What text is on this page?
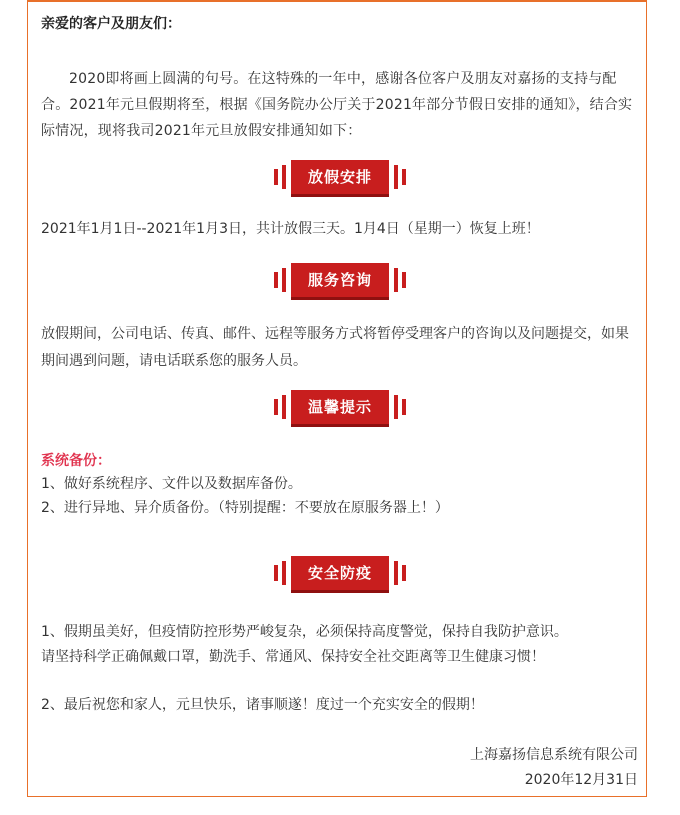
亲爱的客户及朋友们：
2020即将画上圆满的句号。在这特殊的一年中，感谢各位客户及朋友对嘉扬的支持与配合。2021年元旦假期将至，根据《国务院办公厅关于2021年部分节假日安排的通知》，结合实际情况，现将我司2021年元旦放假安排通知如下：
放假安排
2021年1月1日--2021年1月3日，共计放假三天。1月4日（星期一）恢复上班！
服务咨询
放假期间，公司电话、传真、邮件、远程等服务方式将暂停受理客户的咨询以及问题提交，如果期间遇到问题，请电话联系您的服务人员。
温馨提示
系统备份：
1、做好系统程序、文件以及数据库备份。
2、进行异地、异介质备份。（特别提醒：不要放在原服务器上！）
安全防疫
1、假期虽美好，但疫情防控形势严峻复杂，必须保持高度警觉，保持自我防护意识。
请坚持科学正确佩戴口罩，勤洗手、常通风、保持安全社交距离等卫生健康习惯！
2、最后祝您和家人，元旦快乐，诸事顺遂！度过一个充实安全的假期！
上海嘉扬信息系统有限公司
2020年12月31日
